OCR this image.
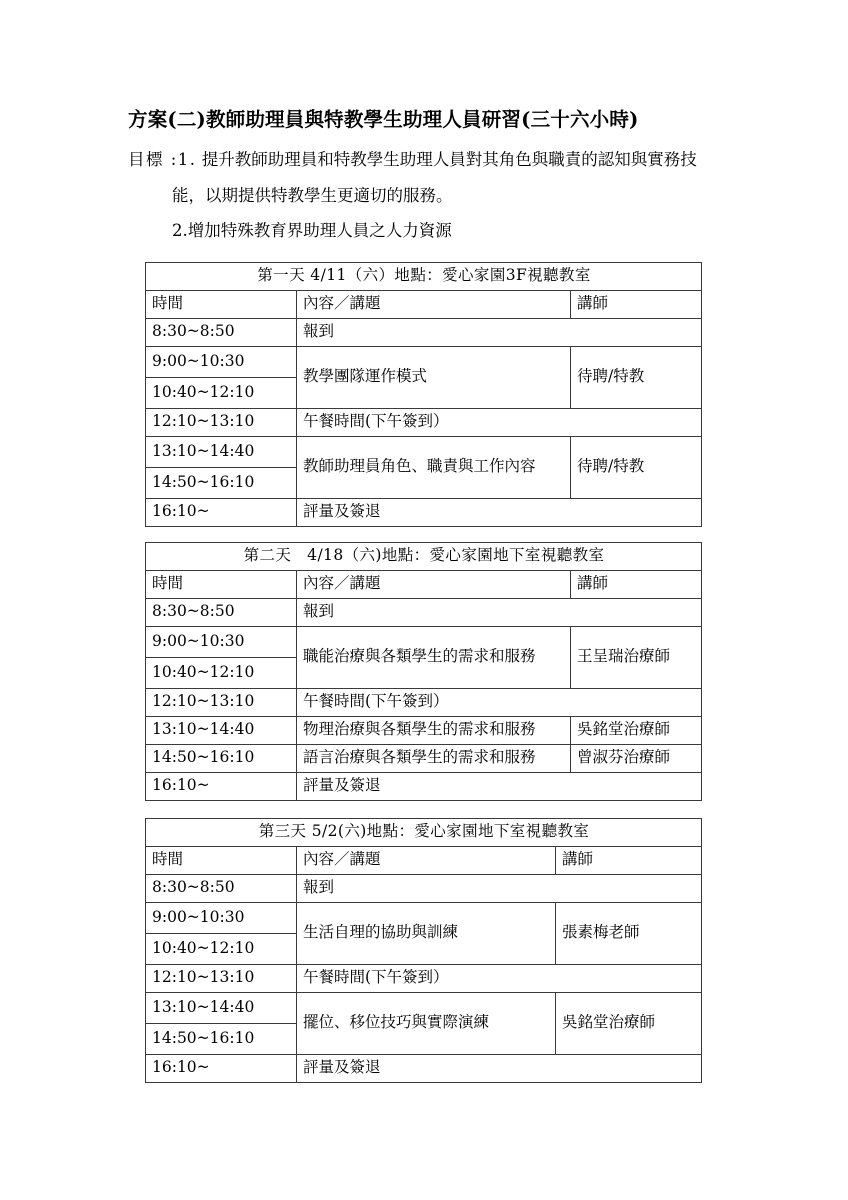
方案(二)教師助理員與特教學生助理人員研習(三十六小時)

目標 :1. 提升教師助理員和特教學生助理人員對其角色與職責的認知與實務技

能，以期提供特教學生更適切的服務。

2.增加特殊教育界助理人員之人力資源

第一天 4/11（六）地點：愛心家園3F視聽教室		
時間	內容／講題	講師
8:30~8:50	報到	
9:00~10:30	教學團隊運作模式	待聘/特教
10:40~12:10		
12:10~13:10	午餐時間(下午簽到）	
13:10~14:40	教師助理員角色、職責與工作內容	待聘/特教
14:50~16:10		
16:10~	評量及簽退	
第二天　4/18（六)地點：愛心家園地下室視聽教室		
時間	內容／講題	講師
8:30~8:50	報到	
9:00~10:30	職能治療與各類學生的需求和服務	王呈瑞治療師
10:40~12:10		
12:10~13:10	午餐時間(下午簽到）	
13:10~14:40	物理治療與各類學生的需求和服務	吳銘堂治療師
14:50~16:10	語言治療與各類學生的需求和服務	曾淑芬治療師
16:10~	評量及簽退	
第三天 5/2(六)地點：愛心家園地下室視聽教室		
時間	內容／講題	講師
8:30~8:50	報到	
9:00~10:30	生活自理的協助與訓練	張素梅老師
10:40~12:10		
12:10~13:10	午餐時間(下午簽到）	
13:10~14:40	擺位、移位技巧與實際演練	吳銘堂治療師
14:50~16:10		
16:10~	評量及簽退	
